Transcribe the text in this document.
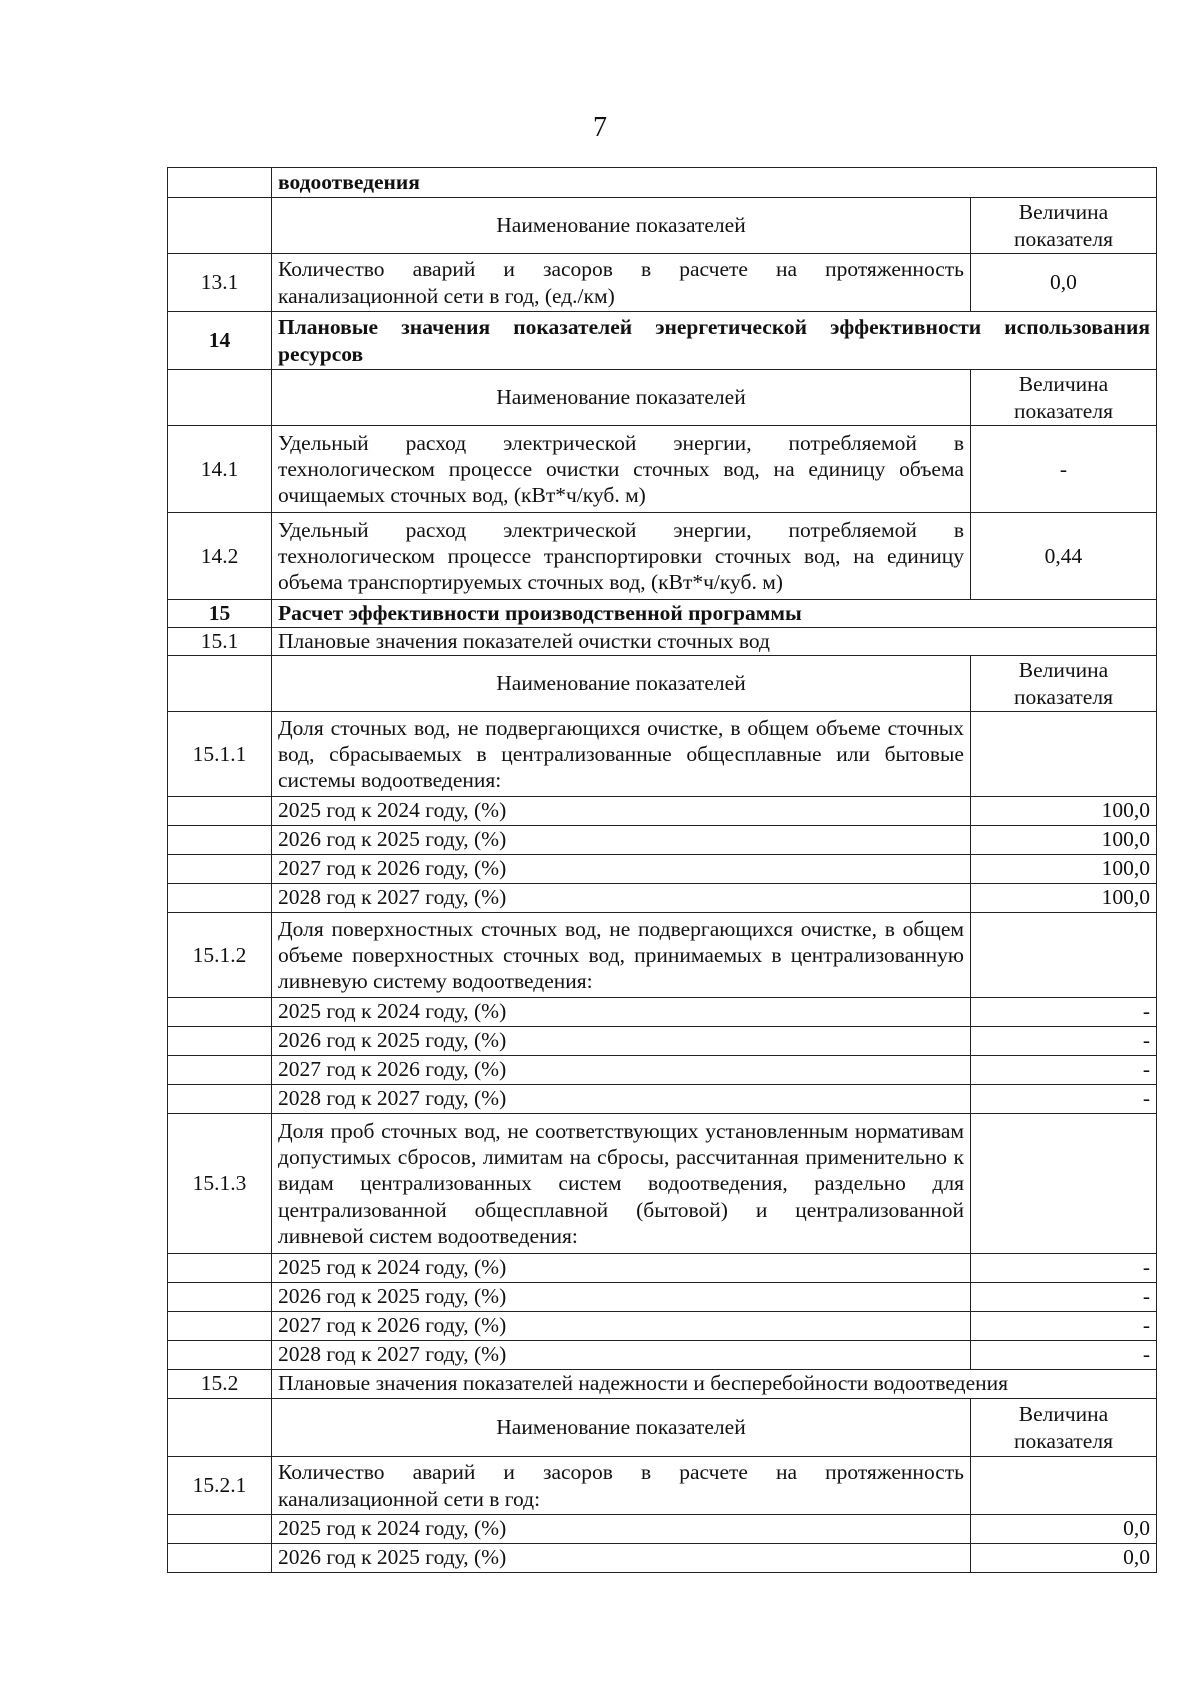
7
	водоотведения	
	Наименование показателей	Величина показателя
13.1	Количество аварий и засоров в расчете на протяженность канализационной сети в год, (ед./км)	0,0
14	Плановые значения показателей энергетической эффективности использования ресурсов	
	Наименование показателей	Величина показателя
14.1	Удельный расход электрической энергии, потребляемой в технологическом процессе очистки сточных вод, на единицу объема очищаемых сточных вод, (кВт*ч/куб. м)	-
14.2	Удельный расход электрической энергии, потребляемой в технологическом процессе транспортировки сточных вод, на единицу объема транспортируемых сточных вод, (кВт*ч/куб. м)	0,44
15	Расчет эффективности производственной программы	
15.1	Плановые значения показателей очистки сточных вод	
	Наименование показателей	Величина показателя
15.1.1	Доля сточных вод, не подвергающихся очистке, в общем объеме сточных вод, сбрасываемых в централизованные общесплавные или бытовые системы водоотведения:	
	2025 год к 2024 году, (%)	100,0
	2026 год к 2025 году, (%)	100,0
	2027 год к 2026 году, (%)	100,0
	2028 год к 2027 году, (%)	100,0
15.1.2	Доля поверхностных сточных вод, не подвергающихся очистке, в общем объеме поверхностных сточных вод, принимаемых в централизованную ливневую систему водоотведения:	
	2025 год к 2024 году, (%)	-
	2026 год к 2025 году, (%)	-
	2027 год к 2026 году, (%)	-
	2028 год к 2027 году, (%)	-
15.1.3	Доля проб сточных вод, не соответствующих установленным нормативам допустимых сбросов, лимитам на сбросы, рассчитанная применительно к видам централизованных систем водоотведения, раздельно для централизованной общесплавной (бытовой) и централизованной ливневой систем водоотведения:	
	2025 год к 2024 году, (%)	-
	2026 год к 2025 году, (%)	-
	2027 год к 2026 году, (%)	-
	2028 год к 2027 году, (%)	-
15.2	Плановые значения показателей надежности и бесперебойности водоотведения	
	Наименование показателей	Величина показателя
15.2.1	Количество аварий и засоров в расчете на протяженность канализационной сети в год:	
	2025 год к 2024 году, (%)	0,0
	2026 год к 2025 году, (%)	0,0
